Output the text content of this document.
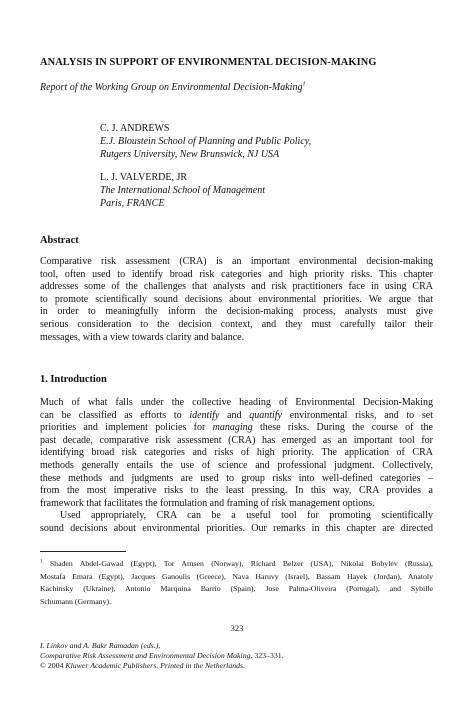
ANALYSIS IN SUPPORT OF ENVIRONMENTAL DECISION-MAKING
Report of the Working Group on Environmental Decision-Making$^1$
C. J. ANDREWS
E.J. Bloustein School of Planning and Public Policy,
Rutgers University, New Brunswick, NJ USA
L. J. VALVERDE, JR
The International School of Management
Paris, FRANCE
Abstract
Comparative risk assessment (CRA) is an important environmental decision-making
tool, often used to identify broad risk categories and high priority risks. This chapter
addresses some of the challenges that analysts and risk practitioners face in using CRA
to promote scientifically sound decisions about environmental priorities. We argue that
in order to meaningfully inform the decision-making process, analysts must give
serious consideration to the decision context, and they must carefully tailor their
messages, with a view towards clarity and balance.
1. Introduction
Much of what falls under the collective heading of Environmental Decision-Making
can be classified as efforts to identify and quantify environmental risks, and to set
priorities and implement policies for managing these risks. During the course of the
past decade, comparative risk assessment (CRA) has emerged as an important tool for
identifying broad risk categories and risks of high priority. The application of CRA
methods generally entails the use of science and professional judgment. Collectively,
these methods and judgments are used to group risks into well-defined categories –
from the most imperative risks to the least pressing. In this way, CRA provides a
framework that facilitates the formulation and framing of risk management options.
Used appropriately, CRA can be a useful tool for promoting scientifically
sound decisions about environmental priorities. Our remarks in this chapter are directed
$^1$ Shaden Abdel-Gawad (Egypt), Tor Arnsen (Norway), Richard Belzer (USA), Nikolai Bobylev (Russia),
Mostafa Emara (Egypt), Jacques Ganoulis (Greece), Nava Haruvy (Israel), Bassam Hayek (Jordan), Anatoly
Kachinsky (Ukraine), Antonio Marquina Barrio (Spain), Jose Palma-Oliveira (Portugal), and Sybille
Schumann (Germany).
323
I. Linkov and A. Bakr Ramadan (eds.),
Comparative Risk Assessment and Environmental Decision Making, 323–331.
© 2004 Kluwer Academic Publishers. Printed in the Netherlands.
